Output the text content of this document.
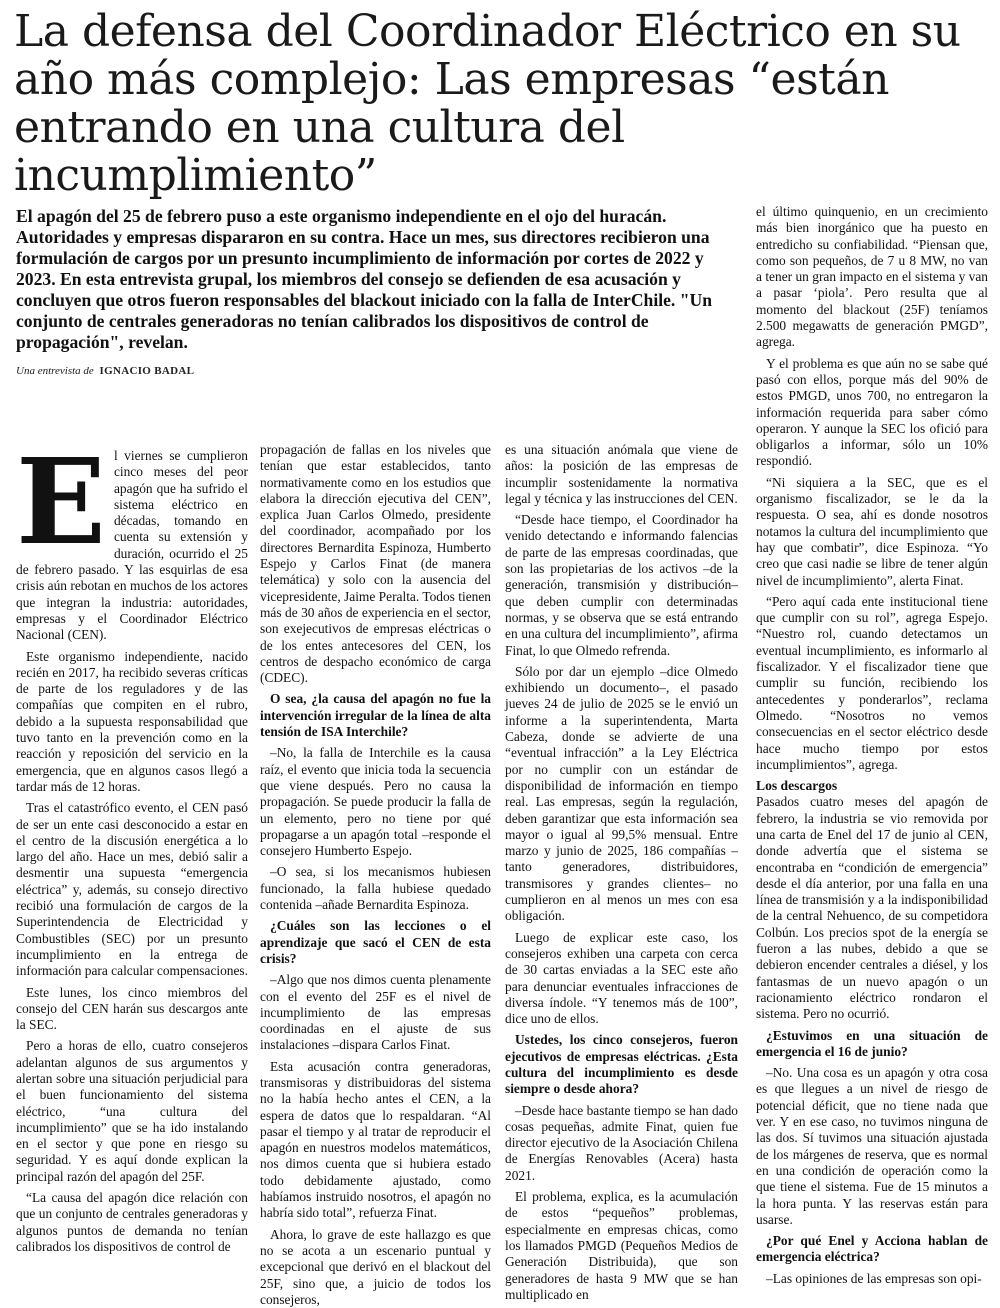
La defensa del Coordinador Eléctrico en su año más complejo: Las empresas “están entrando en una cultura del incumplimiento”

El apagón del 25 de febrero puso a este organismo independiente en el ojo del huracán. Autoridades y empresas dispararon en su contra. Hace un mes, sus directores recibieron una formulación de cargos por un presunto incumplimiento de información por cortes de 2022 y 2023. En esta entrevista grupal, los miembros del consejo se defienden de esa acusación y concluyen que otros fueron responsables del blackout iniciado con la falla de InterChile. "Un conjunto de centrales generadoras no tenían calibrados los dispositivos de control de propagación", revelan.

Una entrevista de IGNACIO BADAL

E l viernes se cumplieron cinco meses del peor apagón que ha sufrido el sistema eléctrico en décadas, tomando en cuenta su extensión y duración, ocurrido el 25 de febrero pasado. Y las esquirlas de esa crisis aún rebotan en muchos de los actores que integran la industria: autoridades, empresas y el Coordinador Eléctrico Nacional (CEN).

Este organismo independiente, nacido recién en 2017, ha recibido severas críticas de parte de los reguladores y de las compañías que compiten en el rubro, debido a la supuesta responsabilidad que tuvo tanto en la prevención como en la reacción y reposición del servicio en la emergencia, que en algunos casos llegó a tardar más de 12 horas.

Tras el catastrófico evento, el CEN pasó de ser un ente casi desconocido a estar en el centro de la discusión energética a lo largo del año. Hace un mes, debió salir a desmentir una supuesta “emergencia eléctrica” y, además, su consejo directivo recibió una formulación de cargos de la Superintendencia de Electricidad y Combustibles (SEC) por un presunto incumplimiento en la entrega de información para calcular compensaciones.

Este lunes, los cinco miembros del consejo del CEN harán sus descargos ante la SEC.

Pero a horas de ello, cuatro consejeros adelantan algunos de sus argumentos y alertan sobre una situación perjudicial para el buen funcionamiento del sistema eléctrico, “una cultura del incumplimiento” que se ha ido instalando en el sector y que pone en riesgo su seguridad. Y es aquí donde explican la principal razón del apagón del 25F.

“La causa del apagón dice relación con que un conjunto de centrales generadoras y algunos puntos de demanda no tenían calibrados los dispositivos de control de

propagación de fallas en los niveles que tenían que estar establecidos, tanto normativamente como en los estudios que elabora la dirección ejecutiva del CEN”, explica Juan Carlos Olmedo, presidente del coordinador, acompañado por los directores Bernardita Espinoza, Humberto Espejo y Carlos Finat (de manera telemática) y solo con la ausencia del vicepresidente, Jaime Peralta. Todos tienen más de 30 años de experiencia en el sector, son exejecutivos de empresas eléctricas o de los entes antecesores del CEN, los centros de despacho económico de carga (CDEC).

O sea, ¿la causa del apagón no fue la intervención irregular de la línea de alta tensión de ISA Interchile?

–No, la falla de Interchile es la causa raíz, el evento que inicia toda la secuencia que viene después. Pero no causa la propagación. Se puede producir la falla de un elemento, pero no tiene por qué propagarse a un apagón total –responde el consejero Humberto Espejo.

–O sea, si los mecanismos hubiesen funcionado, la falla hubiese quedado contenida –añade Bernardita Espinoza.

¿Cuáles son las lecciones o el aprendizaje que sacó el CEN de esta crisis?

–Algo que nos dimos cuenta plenamente con el evento del 25F es el nivel de incumplimiento de las empresas coordinadas en el ajuste de sus instalaciones –dispara Carlos Finat.

Esta acusación contra generadoras, transmisoras y distribuidoras del sistema no la había hecho antes el CEN, a la espera de datos que lo respaldaran. “Al pasar el tiempo y al tratar de reproducir el apagón en nuestros modelos matemáticos, nos dimos cuenta que si hubiera estado todo debidamente ajustado, como habíamos instruido nosotros, el apagón no habría sido total”, refuerza Finat.

Ahora, lo grave de este hallazgo es que no se acota a un escenario puntual y excepcional que derivó en el blackout del 25F, sino que, a juicio de todos los consejeros,

es una situación anómala que viene de años: la posición de las empresas de incumplir sostenidamente la normativa legal y técnica y las instrucciones del CEN.

“Desde hace tiempo, el Coordinador ha venido detectando e informando falencias de parte de las empresas coordinadas, que son las propietarias de los activos –de la generación, transmisión y distribución– que deben cumplir con determinadas normas, y se observa que se está entrando en una cultura del incumplimiento”, afirma Finat, lo que Olmedo refrenda.

Sólo por dar un ejemplo –dice Olmedo exhibiendo un documento–, el pasado jueves 24 de julio de 2025 se le envió un informe a la superintendenta, Marta Cabeza, donde se advierte de una “eventual infracción” a la Ley Eléctrica por no cumplir con un estándar de disponibilidad de información en tiempo real. Las empresas, según la regulación, deben garantizar que esta información sea mayor o igual al 99,5% mensual. Entre marzo y junio de 2025, 186 compañías –tanto generadores, distribuidores, transmisores y grandes clientes– no cumplieron en al menos un mes con esa obligación.

Luego de explicar este caso, los consejeros exhiben una carpeta con cerca de 30 cartas enviadas a la SEC este año para denunciar eventuales infracciones de diversa índole. “Y tenemos más de 100”, dice uno de ellos.

Ustedes, los cinco consejeros, fueron ejecutivos de empresas eléctricas. ¿Esta cultura del incumplimiento es desde siempre o desde ahora?

–Desde hace bastante tiempo se han dado cosas pequeñas, admite Finat, quien fue director ejecutivo de la Asociación Chilena de Energías Renovables (Acera) hasta 2021.

El problema, explica, es la acumulación de estos “pequeños” problemas, especialmente en empresas chicas, como los llamados PMGD (Pequeños Medios de Generación Distribuida), que son generadores de hasta 9 MW que se han multiplicado en

el último quinquenio, en un crecimiento más bien inorgánico que ha puesto en entredicho su confiabilidad. “Piensan que, como son pequeños, de 7 u 8 MW, no van a tener un gran impacto en el sistema y van a pasar ‘piola’. Pero resulta que al momento del blackout (25F) teníamos 2.500 megawatts de generación PMGD”, agrega.

Y el problema es que aún no se sabe qué pasó con ellos, porque más del 90% de estos PMGD, unos 700, no entregaron la información requerida para saber cómo operaron. Y aunque la SEC los ofició para obligarlos a informar, sólo un 10% respondió.

“Ni siquiera a la SEC, que es el organismo fiscalizador, se le da la respuesta. O sea, ahí es donde nosotros notamos la cultura del incumplimiento que hay que combatir”, dice Espinoza. “Yo creo que casi nadie se libre de tener algún nivel de incumplimiento”, alerta Finat.

“Pero aquí cada ente institucional tiene que cumplir con su rol”, agrega Espejo. “Nuestro rol, cuando detectamos un eventual incumplimiento, es informarlo al fiscalizador. Y el fiscalizador tiene que cumplir su función, recibiendo los antecedentes y ponderarlos”, reclama Olmedo. “Nosotros no vemos consecuencias en el sector eléctrico desde hace mucho tiempo por estos incumplimientos”, agrega.

Los descargos

Pasados cuatro meses del apagón de febrero, la industria se vio removida por una carta de Enel del 17 de junio al CEN, donde advertía que el sistema se encontraba en “condición de emergencia” desde el día anterior, por una falla en una línea de transmisión y a la indisponibilidad de la central Nehuenco, de su competidora Colbún. Los precios spot de la energía se fueron a las nubes, debido a que se debieron encender centrales a diésel, y los fantasmas de un nuevo apagón o un racionamiento eléctrico rondaron el sistema. Pero no ocurrió.

¿Estuvimos en una situación de emergencia el 16 de junio?

–No. Una cosa es un apagón y otra cosa es que llegues a un nivel de riesgo de potencial déficit, que no tiene nada que ver. Y en ese caso, no tuvimos ninguna de las dos. Sí tuvimos una situación ajustada de los márgenes de reserva, que es normal en una condición de operación como la que tiene el sistema. Fue de 15 minutos a la hora punta. Y las reservas están para usarse.

¿Por qué Enel y Acciona hablan de emergencia eléctrica?

–Las opiniones de las empresas son opi-
